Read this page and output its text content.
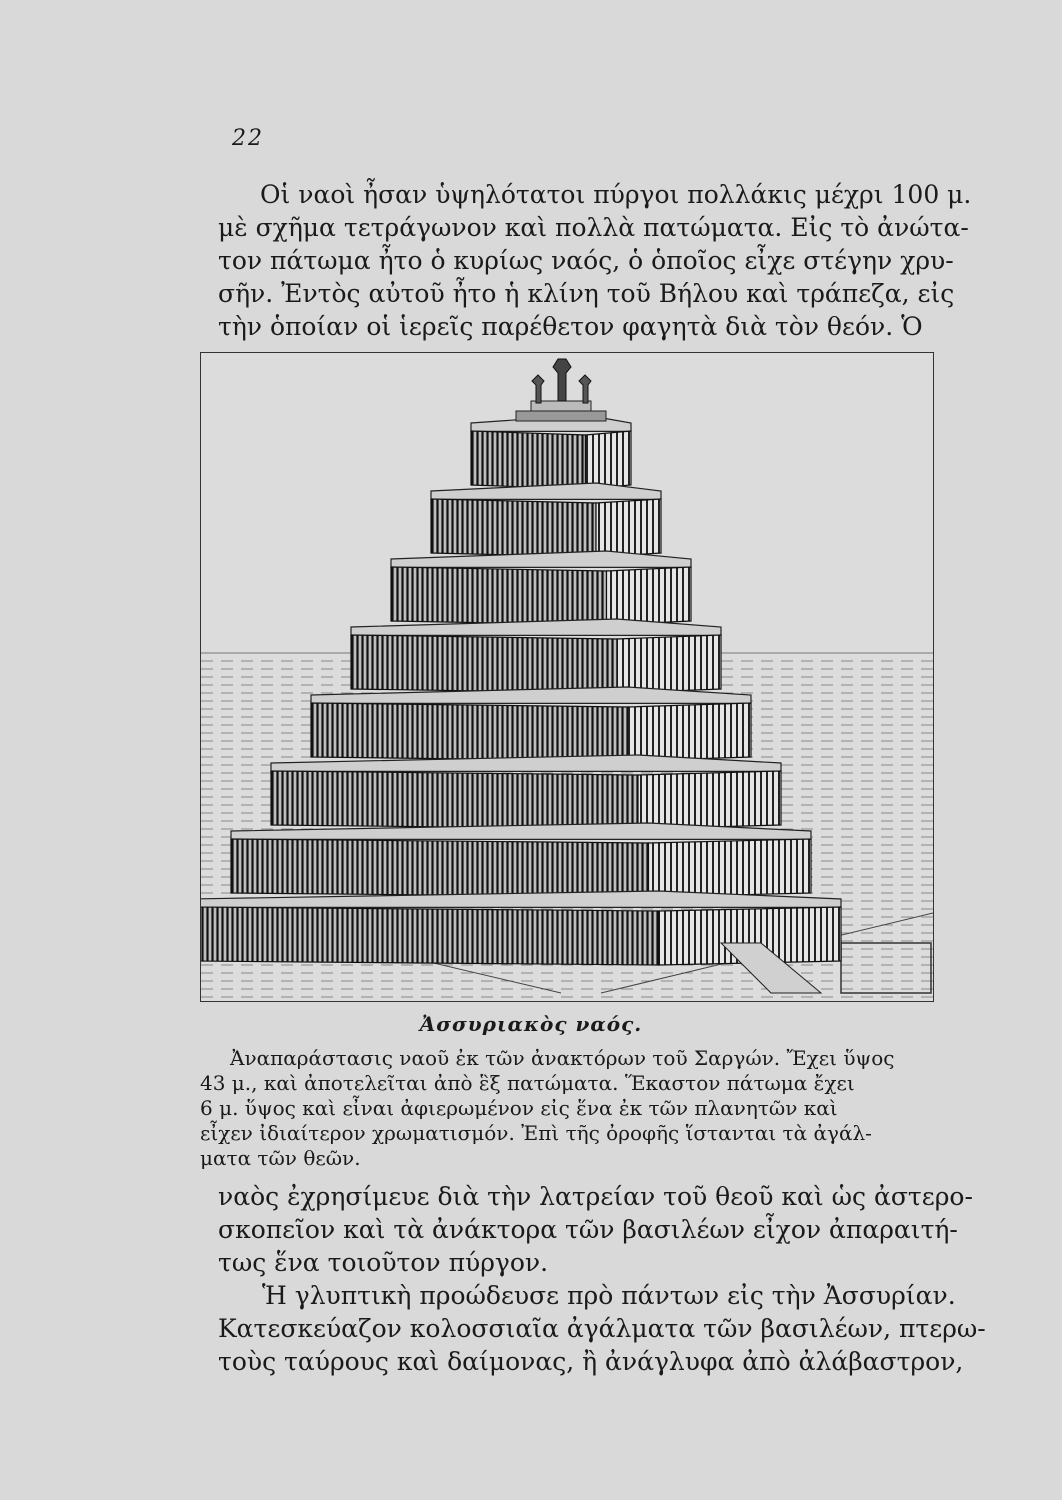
22
Οἱ ναοὶ ἦσαν ὑψηλότατοι πύργοι πολλάκις μέχρι 100 μ.
μὲ σχῆμα τετράγωνον καὶ πολλὰ πατώματα. Εἰς τὸ ἀνώτα-
τον πάτωμα ἦτο ὁ κυρίως ναός, ὁ ὁποῖος εἶχε στέγην χρυ-
σῆν. Ἐντὸς αὐτοῦ ἦτο ἡ κλίνη τοῦ Βήλου καὶ τράπεζα, εἰς
τὴν ὁποίαν οἱ ἱερεῖς παρέθετον φαγητὰ διὰ τὸν θεόν. Ὁ
Ἀσσυριακὸς ναός.
Ἀναπαράστασις ναοῦ ἐκ τῶν ἀνακτόρων τοῦ Σαργών. Ἔχει ὕψος
43 μ., καὶ ἀποτελεῖται ἀπὸ ἓξ πατώματα. Ἕκαστον πάτωμα ἔχει
6 μ. ὕψος καὶ εἶναι ἀφιερωμένον εἰς ἕνα ἐκ τῶν πλανητῶν καὶ
εἶχεν ἰδιαίτερον χρωματισμόν. Ἐπὶ τῆς ὀροφῆς ἵστανται τὰ ἀγάλ-
ματα τῶν θεῶν.
ναὸς ἐχρησίμευε διὰ τὴν λατρείαν τοῦ θεοῦ καὶ ὡς ἀστερο-
σκοπεῖον καὶ τὰ ἀνάκτορα τῶν βασιλέων εἶχον ἀπαραιτή-
τως ἕνα τοιοῦτον πύργον.
Ἡ γλυπτικὴ προώδευσε πρὸ πάντων εἰς τὴν Ἀσσυρίαν.
Κατεσκεύαζον κολοσσιαῖα ἀγάλματα τῶν βασιλέων, πτερω-
τοὺς ταύρους καὶ δαίμονας, ἢ ἀνάγλυφα ἀπὸ ἀλάβαστρον,
